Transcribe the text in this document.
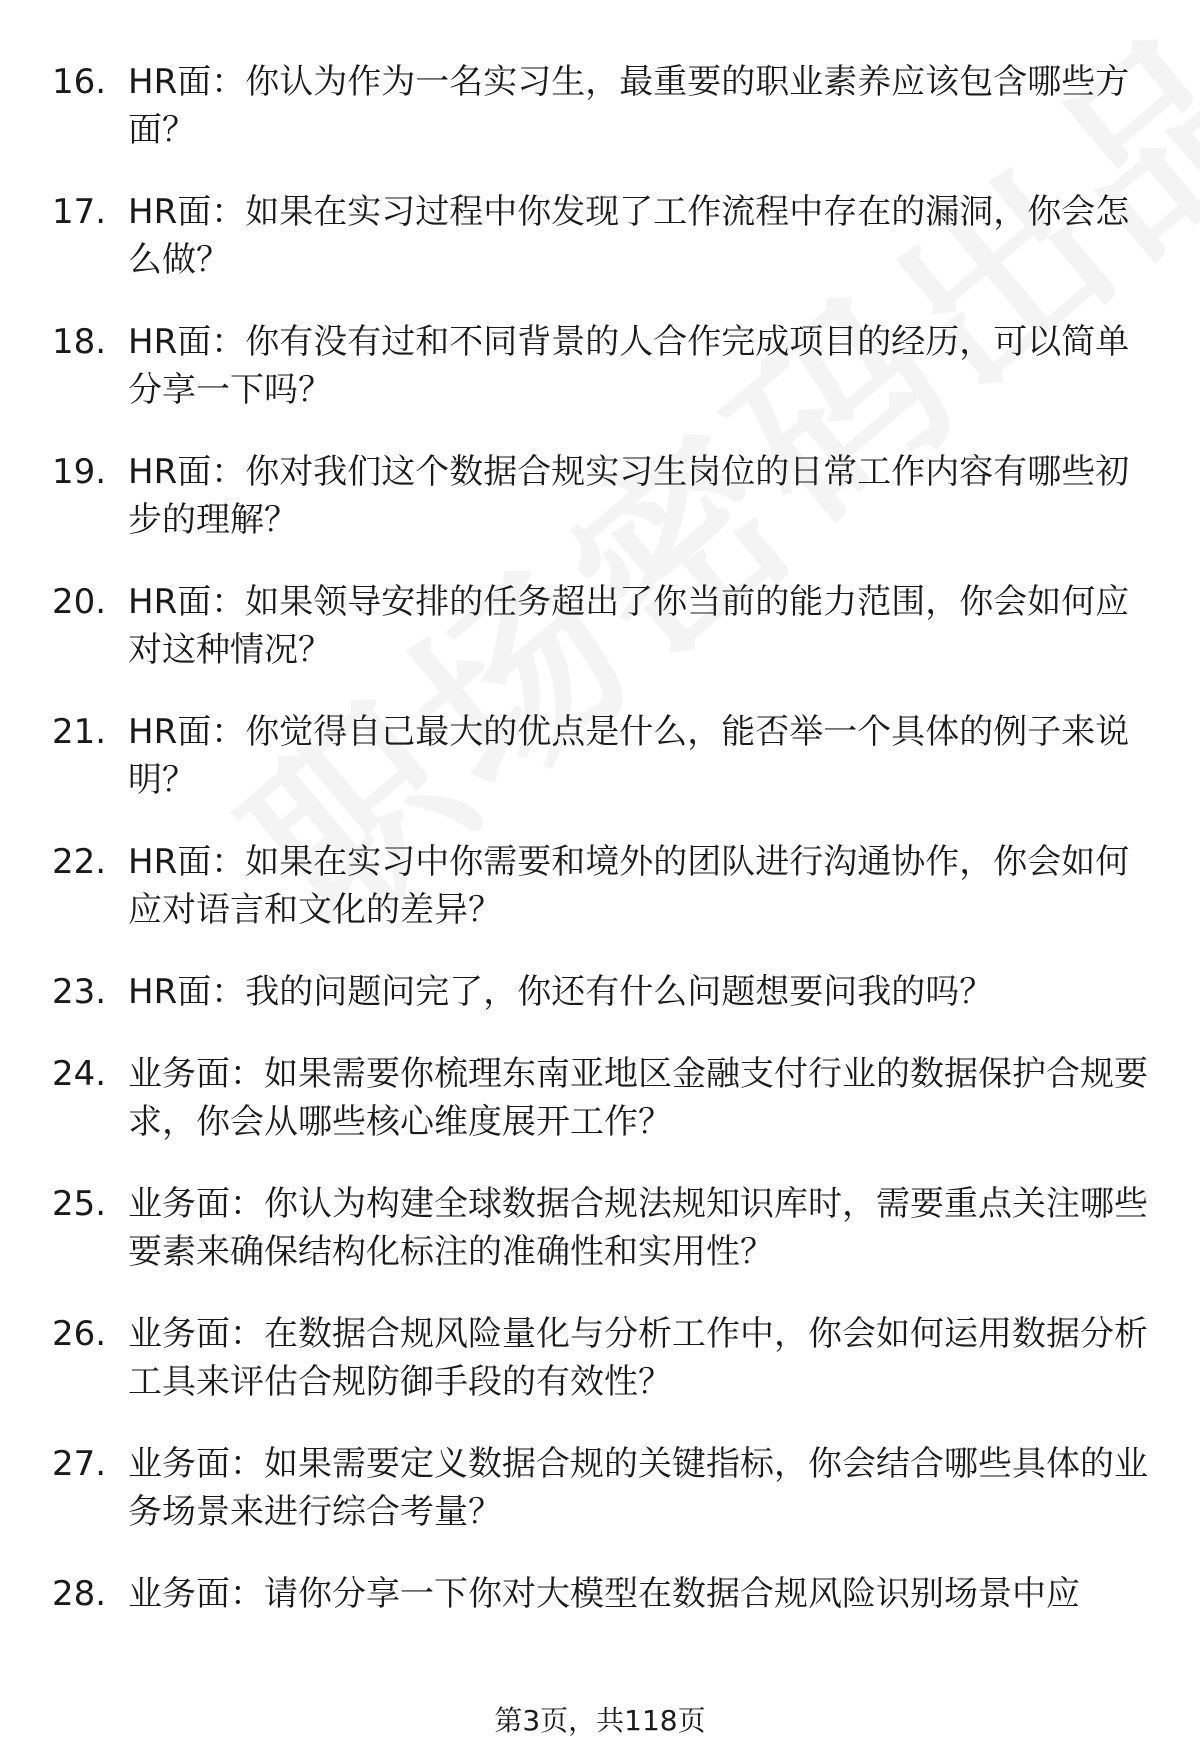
16. HR面：你认为作为一名实习生，最重要的职业素养应该包含哪些方面？
17. HR面：如果在实习过程中你发现了工作流程中存在的漏洞，你会怎么做？
18. HR面：你有没有过和不同背景的人合作完成项目的经历，可以简单分享一下吗？
19. HR面：你对我们这个数据合规实习生岗位的日常工作内容有哪些初步的理解？
20. HR面：如果领导安排的任务超出了你当前的能力范围，你会如何应对这种情况？
21. HR面：你觉得自己最大的优点是什么，能否举一个具体的例子来说明？
22. HR面：如果在实习中你需要和境外的团队进行沟通协作，你会如何应对语言和文化的差异？
23. HR面：我的问题问完了，你还有什么问题想要问我的吗？
24. 业务面：如果需要你梳理东南亚地区金融支付行业的数据保护合规要求，你会从哪些核心维度展开工作？
25. 业务面：你认为构建全球数据合规法规知识库时，需要重点关注哪些要素来确保结构化标注的准确性和实用性？
26. 业务面：在数据合规风险量化与分析工作中，你会如何运用数据分析工具来评估合规防御手段的有效性？
27. 业务面：如果需要定义数据合规的关键指标，你会结合哪些具体的业务场景来进行综合考量？
28. 业务面：请你分享一下你对大模型在数据合规风险识别场景中应
第3页，共118页
